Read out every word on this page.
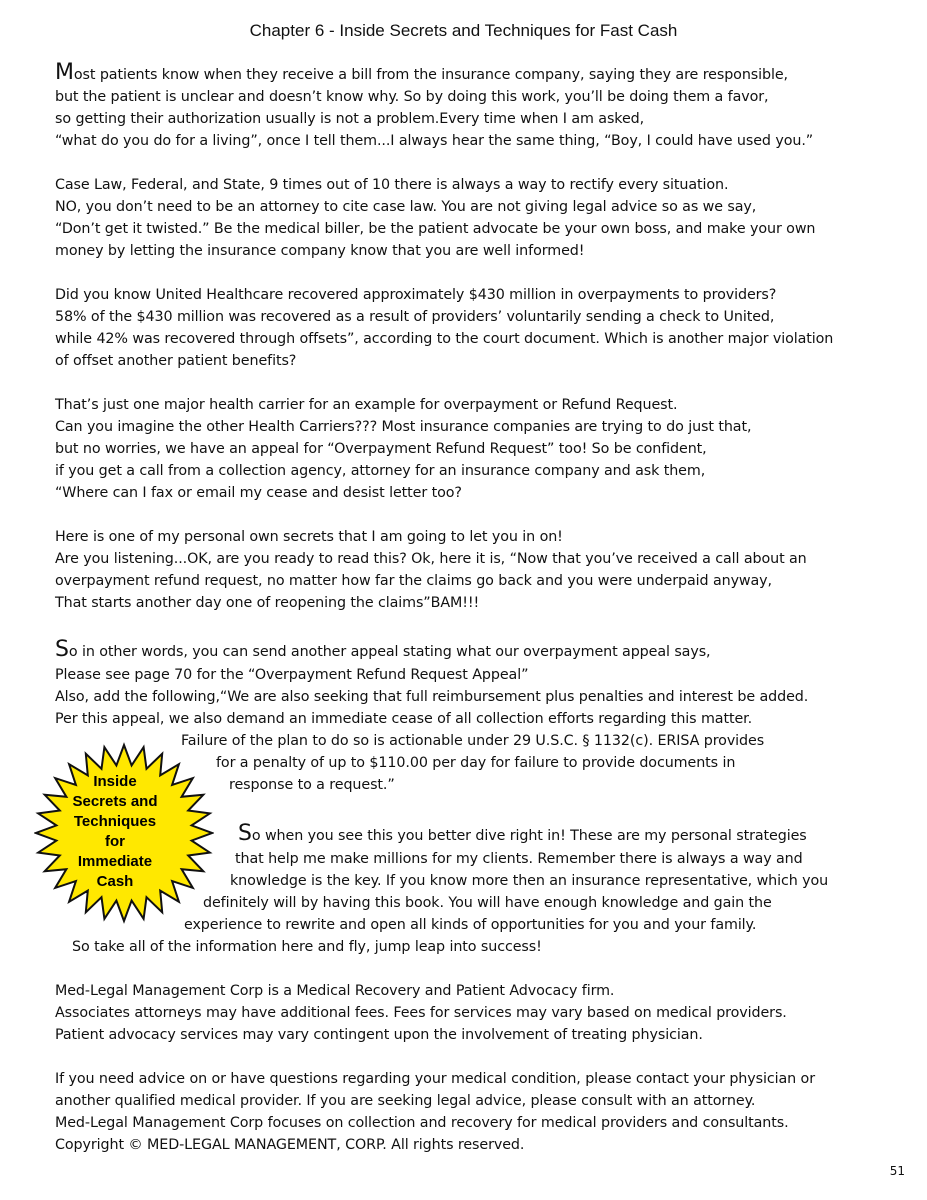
Chapter 6 - Inside Secrets and Techniques for Fast Cash
Most patients know when they receive a bill from the insurance company, saying they are responsible,
but the patient is unclear and doesn’t know why. So by doing this work, you’ll be doing them a favor,
so getting their authorization usually is not a problem.Every time when I am asked,
“what do you do for a living”, once I tell them...I always hear the same thing, “Boy, I could have used you.”
Case Law, Federal, and State, 9 times out of 10 there is always a way to rectify every situation.
NO, you don’t need to be an attorney to cite case law. You are not giving legal advice so as we say,
“Don’t get it twisted.” Be the medical biller, be the patient advocate be your own boss, and make your own
money by letting the insurance company know that you are well informed!
Did you know United Healthcare recovered approximately $430 million in overpayments to providers?
58% of the $430 million was recovered as a result of providers’ voluntarily sending a check to United,
while 42% was recovered through offsets”, according to the court document. Which is another major violation
of offset another patient benefits?
That’s just one major health carrier for an example for overpayment or Refund Request.
Can you imagine the other Health Carriers??? Most insurance companies are trying to do just that,
but no worries, we have an appeal for “Overpayment Refund Request” too! So be confident,
if you get a call from a collection agency, attorney for an insurance company and ask them,
“Where can I fax or email my cease and desist letter too?
Here is one of my personal own secrets that I am going to let you in on!
Are you listening...OK, are you ready to read this? Ok, here it is, “Now that you’ve received a call about an
overpayment refund request, no matter how far the claims go back and you were underpaid anyway,
That starts another day one of reopening the claims”BAM!!!
So in other words, you can send another appeal stating what our overpayment appeal says,
Please see page 70 for the “Overpayment Refund Request Appeal”
Also, add the following,“We are also seeking that full reimbursement plus penalties and interest be added.
Per this appeal, we also demand an immediate cease of all collection efforts regarding this matter.
Failure of the plan to do so is actionable under 29 U.S.C. § 1132(c). ERISA provides
for a penalty of up to $110.00 per day for failure to provide documents in
response to a request.”
Inside
Secrets and
Techniques
for
Immediate
Cash
So when you see this you better dive right in! These are my personal strategies
that help me make millions for my clients. Remember there is always a way and
knowledge is the key. If you know more then an insurance representative, which you
definitely will by having this book. You will have enough knowledge and gain the
experience to rewrite and open all kinds of opportunities for you and your family.
So take all of the information here and fly, jump leap into success!
Med-Legal Management Corp is a Medical Recovery and Patient Advocacy firm.
Associates attorneys may have additional fees. Fees for services may vary based on medical providers.
Patient advocacy services may vary contingent upon the involvement of treating physician.
If you need advice on or have questions regarding your medical condition, please contact your physician or
another qualified medical provider. If you are seeking legal advice, please consult with an attorney.
Med-Legal Management Corp focuses on collection and recovery for medical providers and consultants.
Copyright © MED-LEGAL MANAGEMENT, CORP. All rights reserved.
51
